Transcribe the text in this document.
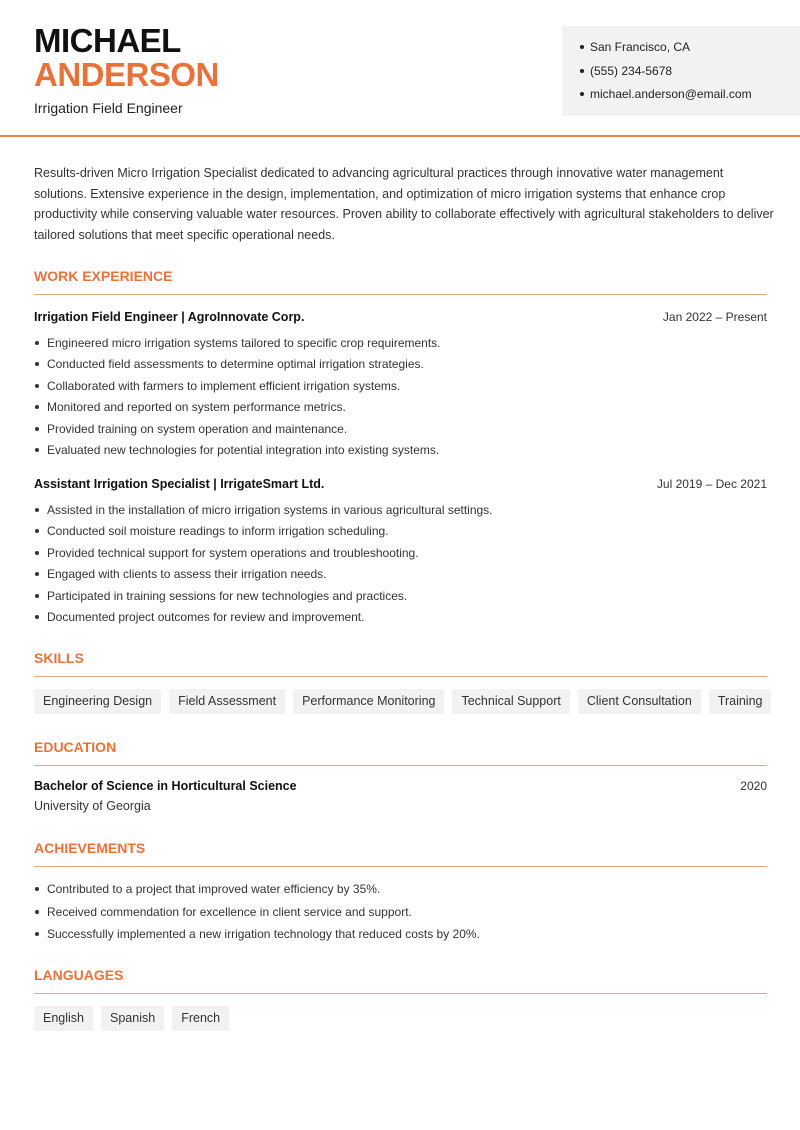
MICHAEL
ANDERSON
Irrigation Field Engineer
San Francisco, CA
(555) 234-5678
michael.anderson@email.com

Results-driven Micro Irrigation Specialist dedicated to advancing agricultural practices through innovative water management solutions. Extensive experience in the design, implementation, and optimization of micro irrigation systems that enhance crop productivity while conserving valuable water resources. Proven ability to collaborate effectively with agricultural stakeholders to deliver tailored solutions that meet specific operational needs.

WORK EXPERIENCE
Irrigation Field Engineer | AgroInnovate Corp.	Jan 2022 – Present
Engineered micro irrigation systems tailored to specific crop requirements.
Conducted field assessments to determine optimal irrigation strategies.
Collaborated with farmers to implement efficient irrigation systems.
Monitored and reported on system performance metrics.
Provided training on system operation and maintenance.
Evaluated new technologies for potential integration into existing systems.
Assistant Irrigation Specialist | IrrigateSmart Ltd.	Jul 2019 – Dec 2021
Assisted in the installation of micro irrigation systems in various agricultural settings.
Conducted soil moisture readings to inform irrigation scheduling.
Provided technical support for system operations and troubleshooting.
Engaged with clients to assess their irrigation needs.
Participated in training sessions for new technologies and practices.
Documented project outcomes for review and improvement.
SKILLS
Engineering Design	Field Assessment	Performance Monitoring	Technical Support	Client Consultation	Training
EDUCATION
Bachelor of Science in Horticultural Science	2020
University of Georgia
ACHIEVEMENTS
Contributed to a project that improved water efficiency by 35%.
Received commendation for excellence in client service and support.
Successfully implemented a new irrigation technology that reduced costs by 20%.
LANGUAGES
English	Spanish	French
